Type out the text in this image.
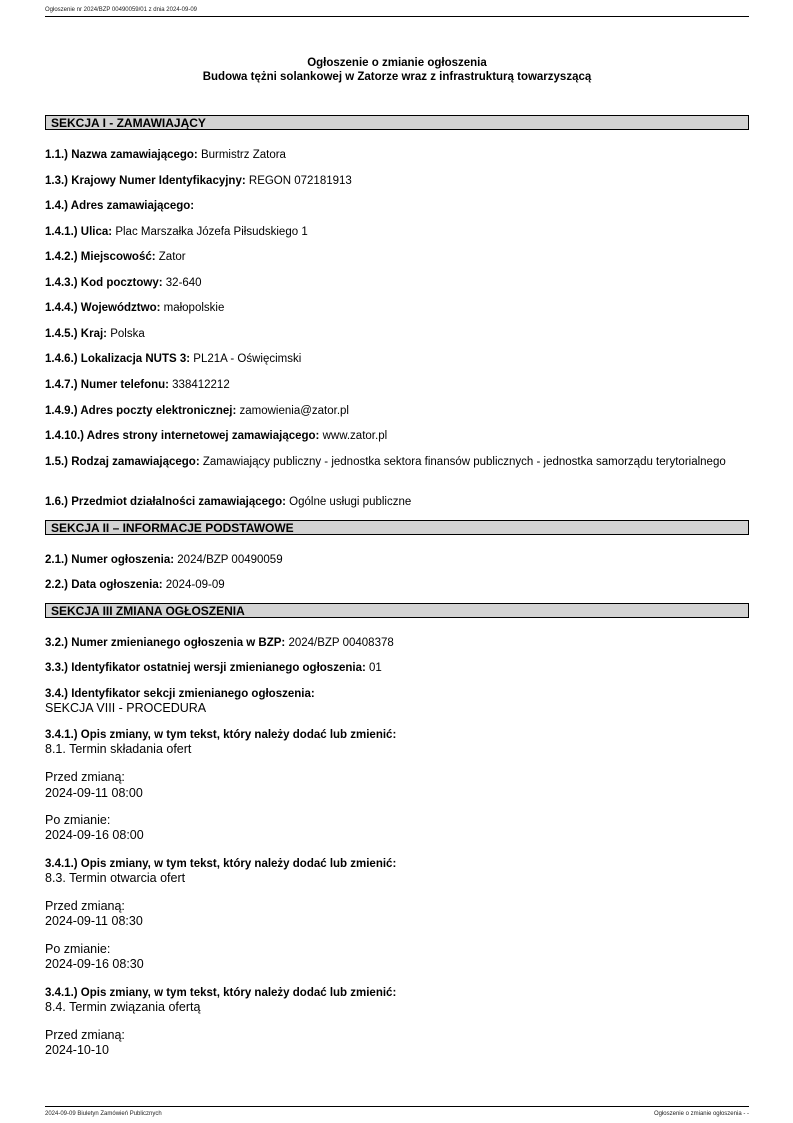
Ogłoszenie nr 2024/BZP 00490059/01 z dnia 2024-09-09
Ogłoszenie o zmianie ogłoszenia
Budowa tężni solankowej w Zatorze wraz z infrastrukturą towarzyszącą
SEKCJA I - ZAMAWIAJĄCY
1.1.) Nazwa zamawiającego: Burmistrz Zatora
1.3.) Krajowy Numer Identyfikacyjny: REGON 072181913
1.4.) Adres zamawiającego:
1.4.1.) Ulica: Plac Marszałka Józefa Piłsudskiego 1
1.4.2.) Miejscowość: Zator
1.4.3.) Kod pocztowy: 32-640
1.4.4.) Województwo: małopolskie
1.4.5.) Kraj: Polska
1.4.6.) Lokalizacja NUTS 3: PL21A - Oświęcimski
1.4.7.) Numer telefonu: 338412212
1.4.9.) Adres poczty elektronicznej: zamowienia@zator.pl
1.4.10.) Adres strony internetowej zamawiającego: www.zator.pl
1.5.) Rodzaj zamawiającego: Zamawiający publiczny - jednostka sektora finansów publicznych - jednostka samorządu terytorialnego
1.6.) Przedmiot działalności zamawiającego: Ogólne usługi publiczne
SEKCJA II – INFORMACJE PODSTAWOWE
2.1.) Numer ogłoszenia: 2024/BZP 00490059
2.2.) Data ogłoszenia: 2024-09-09
SEKCJA III ZMIANA OGŁOSZENIA
3.2.) Numer zmienianego ogłoszenia w BZP: 2024/BZP 00408378
3.3.) Identyfikator ostatniej wersji zmienianego ogłoszenia: 01
3.4.) Identyfikator sekcji zmienianego ogłoszenia:
SEKCJA VIII - PROCEDURA
3.4.1.) Opis zmiany, w tym tekst, który należy dodać lub zmienić:
8.1. Termin składania ofert
Przed zmianą:
2024-09-11 08:00
Po zmianie:
2024-09-16 08:00
3.4.1.) Opis zmiany, w tym tekst, który należy dodać lub zmienić:
8.3. Termin otwarcia ofert
Przed zmianą:
2024-09-11 08:30
Po zmianie:
2024-09-16 08:30
3.4.1.) Opis zmiany, w tym tekst, który należy dodać lub zmienić:
8.4. Termin związania ofertą
Przed zmianą:
2024-10-10
2024-09-09 Biuletyn Zamówień Publicznych	Ogłoszenie o zmianie ogłoszenia - -
